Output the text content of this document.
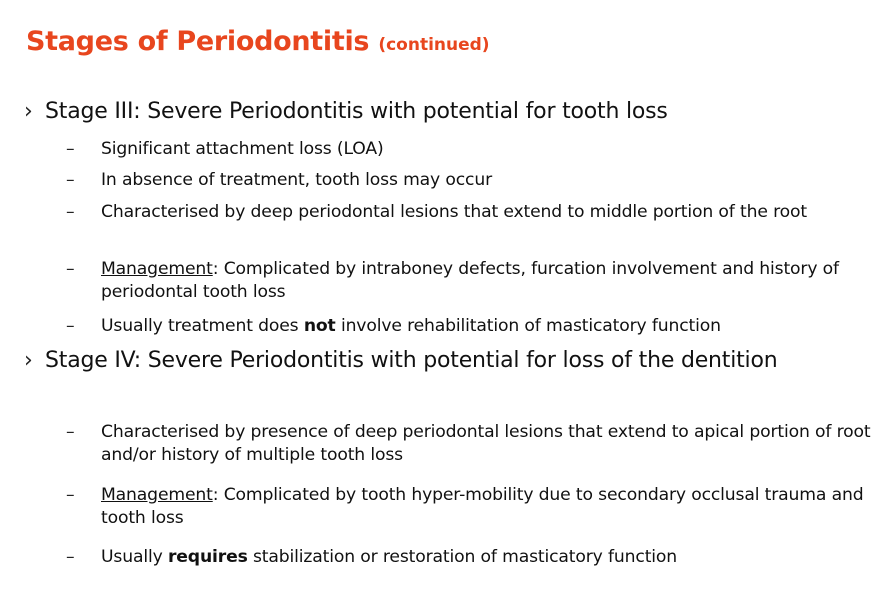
Stages of Periodontitis (continued)
› Stage III: Severe Periodontitis with potential for tooth loss
–	Significant attachment loss (LOA)
–	In absence of treatment, tooth loss may occur
–	Characterised by deep periodontal lesions that extend to middle portion of the root
–	Management: Complicated by intraboney defects, furcation involvement and history of periodontal tooth loss
–	Usually treatment does not involve rehabilitation of masticatory function
› Stage IV: Severe Periodontitis with potential for loss of the dentition
–	Characterised by presence of deep periodontal lesions that extend to apical portion of root and/or history of multiple tooth loss
–	Management: Complicated by tooth hyper-mobility due to secondary occlusal trauma and tooth loss
–	Usually requires stabilization or restoration of masticatory function
